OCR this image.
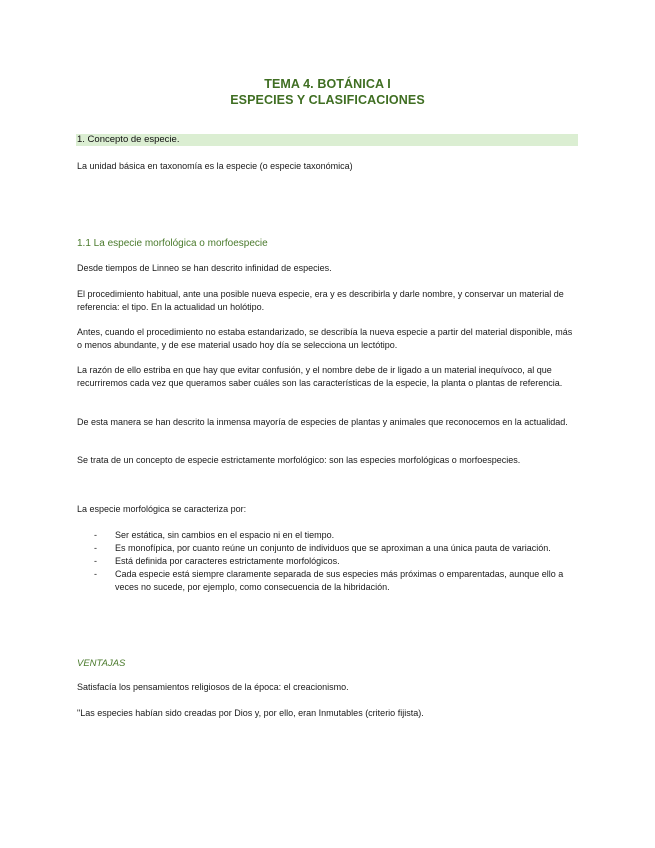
TEMA 4. BOTÁNICA I
ESPECIES Y CLASIFICACIONES
1. Concepto de especie.
La unidad básica en taxonomía es la especie (o especie taxonómica)
1.1 La especie morfológica o morfoespecie
Desde tiempos de Linneo se han descrito infinidad de especies.
El procedimiento habitual, ante una posible nueva especie, era y es describirla y darle nombre, y conservar un material de referencia: el tipo. En la actualidad un holótipo.
Antes, cuando el procedimiento no estaba estandarizado, se describía la nueva especie a partir del material disponible, más o menos abundante, y de ese material usado hoy día se selecciona un lectótipo.
La razón de ello estriba en que hay que evitar confusión, y el nombre debe de ir ligado a un material inequívoco, al que recurriremos cada vez que queramos saber cuáles son las características de la especie, la planta o plantas de referencia.
De esta manera se han descrito la inmensa mayoría de especies de plantas y animales que reconocemos en la actualidad.
Se trata de un concepto de especie estrictamente morfológico: son las especies morfológicas o morfoespecies.
La especie morfológica se caracteriza por:
- Ser estática, sin cambios en el espacio ni en el tiempo.
- Es monofípica, por cuanto reúne un conjunto de individuos que se aproximan a una única pauta de variación.
- Está definida por caracteres estrictamente morfológicos.
- Cada especie está siempre claramente separada de sus especies más próximas o emparentadas, aunque ello a veces no sucede, por ejemplo, como consecuencia de la hibridación.
VENTAJAS
Satisfacía los pensamientos religiosos de la época: el creacionismo.
"Las especies habían sido creadas por Dios y, por ello, eran Inmutables (criterio fijista).
